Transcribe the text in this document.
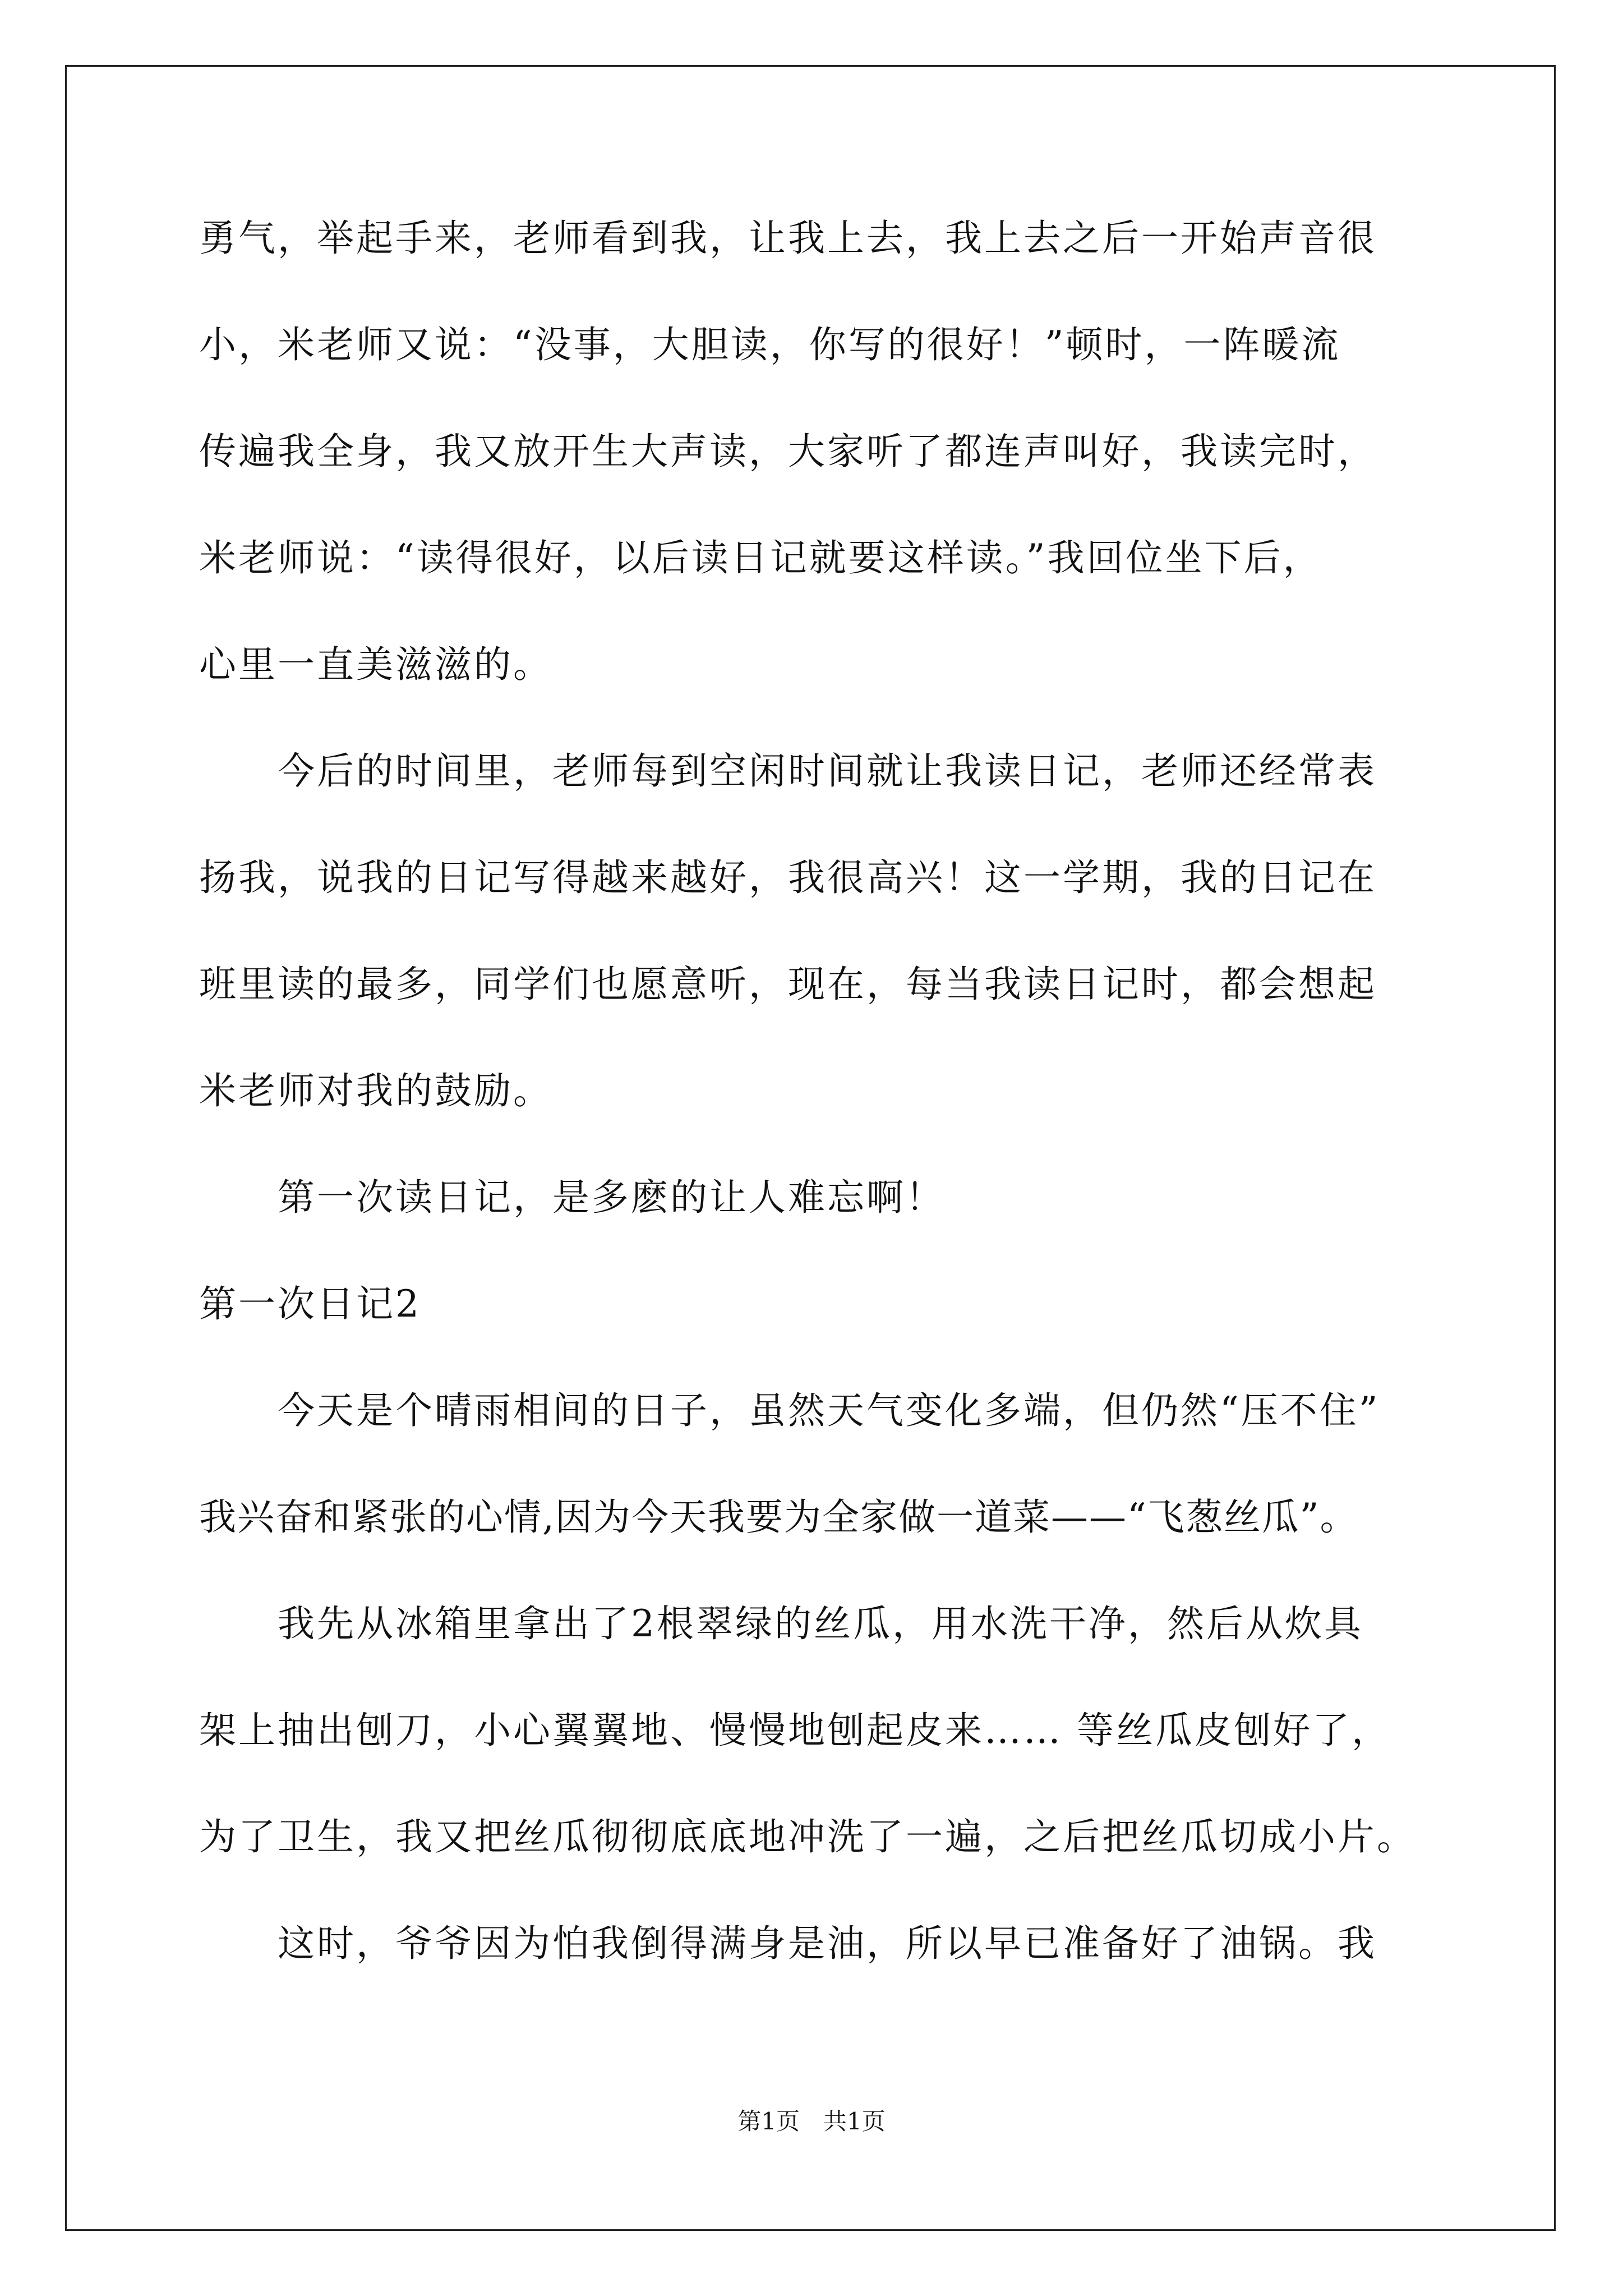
勇气，举起手来，老师看到我，让我上去，我上去之后一开始声音很
小，米老师又说：“没事，大胆读，你写的很好！”顿时，一阵暖流
传遍我全身，我又放开生大声读，大家听了都连声叫好，我读完时，
米老师说：“读得很好，以后读日记就要这样读。”我回位坐下后，
心里一直美滋滋的。
今后的时间里，老师每到空闲时间就让我读日记，老师还经常表
扬我，说我的日记写得越来越好，我很高兴！这一学期，我的日记在
班里读的最多，同学们也愿意听，现在，每当我读日记时，都会想起
米老师对我的鼓励。
第一次读日记，是多麽的让人难忘啊！
第一次日记2
今天是个晴雨相间的日子，虽然天气变化多端，但仍然“压不住”
我兴奋和紧张的心情,因为今天我要为全家做一道菜——“飞葱丝瓜”。
我先从冰箱里拿出了2根翠绿的丝瓜，用水洗干净，然后从炊具
架上抽出刨刀，小心翼翼地、慢慢地刨起皮来…… 等丝瓜皮刨好了，
为了卫生，我又把丝瓜彻彻底底地冲洗了一遍，之后把丝瓜切成小片。
这时，爷爷因为怕我倒得满身是油，所以早已准备好了油锅。我
第1页　共1页
